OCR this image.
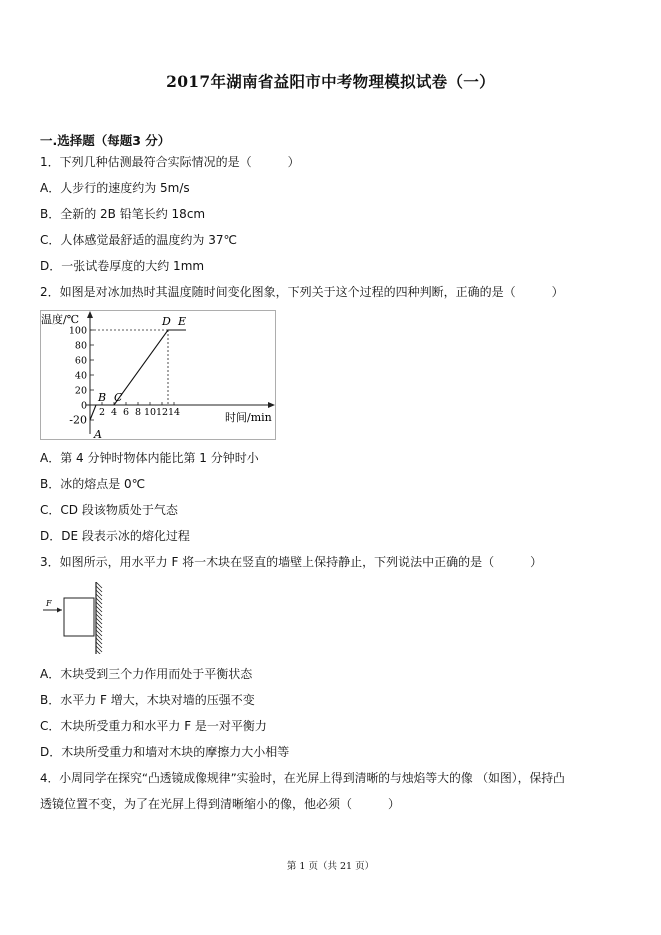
2017年湖南省益阳市中考物理模拟试卷（一）
一.选择题（每题3 分）
1．下列几种估测最符合实际情况的是（　　　）
A．人步行的速度约为 5m/s
B．全新的 2B 铅笔长约 18cm
C．人体感觉最舒适的温度约为 37℃
D．一张试卷厚度的大约 1mm
2．如图是对冰加热时其温度随时间变化图象，下列关于这个过程的四种判断，正确的是（　　　）
-20
0
20
40
60
80
100
2 4 6 8 10 12 14
A
B C
D E
温度/℃
时间/min
A．第 4 分钟时物体内能比第 1 分钟时小
B．冰的熔点是 0℃
C．CD 段该物质处于气态
D．DE 段表示冰的熔化过程
3．如图所示，用水平力 F 将一木块在竖直的墙壁上保持静止，下列说法中正确的是（　　　）
F
A．木块受到三个力作用而处于平衡状态
B．水平力 F 增大，木块对墙的压强不变
C．木块所受重力和水平力 F 是一对平衡力
D．木块所受重力和墙对木块的摩擦力大小相等
4．小周同学在探究“凸透镜成像规律”实验时，在光屏上得到清晰的与烛焰等大的像 （如图），保持凸
透镜位置不变，为了在光屏上得到清晰缩小的像，他必须（　　　）
第 1 页（共 21 页）
